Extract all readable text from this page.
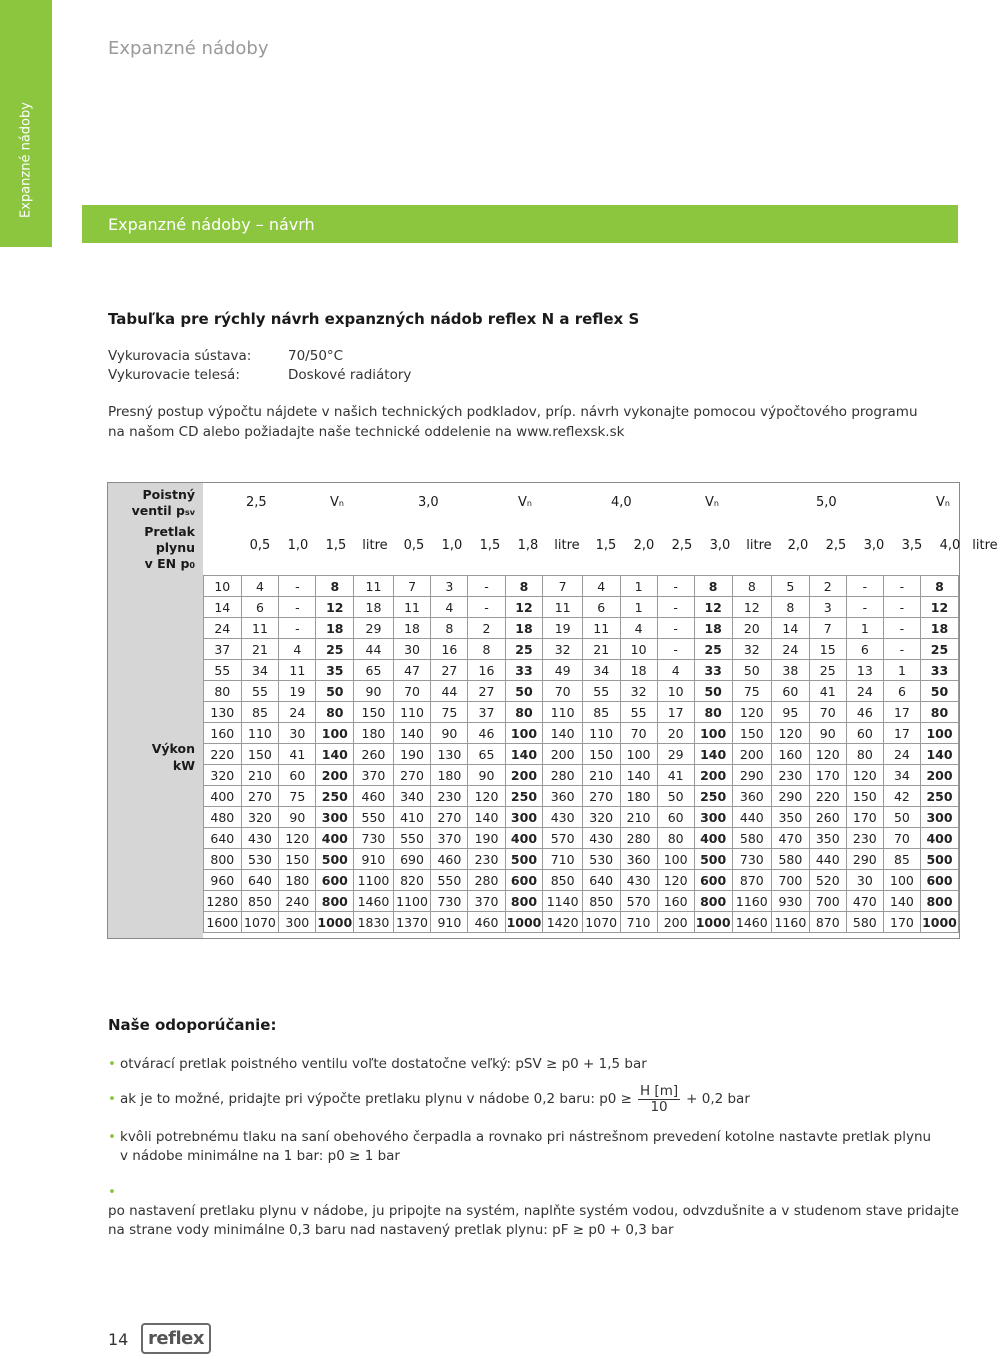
Expanzné nádoby
Expanzné nádoby
Expanzné nádoby – návrh
Tabuľka pre rýchly návrh expanzných nádob reflex N a reflex S
Vykurovacia sústava:	70/50°C
Vykurovacie telesá:	Doskové radiátory
Presný postup výpočtu nájdete v našich technických podkladov, príp. návrh vykonajte pomocou výpočtového programu na našom CD alebo požiadajte naše technické oddelenie na www.reflexsk.sk
Poistný
ventil psv
Pretlak
plynu
v EN p0
Výkon
kW
2,5	Vn	3,0	Vn	4,0	Vn	5,0	Vn
0,5	1,0	1,5	litre	0,5	1,0	1,5	1,8	litre	1,5	2,0	2,5	3,0	litre	2,0	2,5	3,0	3,5	4,0 litre
10	4	-	8	11	7	3	-	8	7	4	1	-	8	8	5	2	-	-	8
14	6	-	12	18	11	4	-	12	11	6	1	-	12	12	8	3	-	-	12
24	11	-	18	29	18	8	2	18	19	11	4	-	18	20	14	7	1	-	18
37	21	4	25	44	30	16	8	25	32	21	10	-	25	32	24	15	6	-	25
55	34	11	35	65	47	27	16	33	49	34	18	4	33	50	38	25	13	1	33
80	55	19	50	90	70	44	27	50	70	55	32	10	50	75	60	41	24	6	50
130	85	24	80	150	110	75	37	80	110	85	55	17	80	120	95	70	46	17	80
160	110	30	100	180	140	90	46	100	140	110	70	20	100	150	120	90	60	17	100
220	150	41	140	260	190	130	65	140	200	150	100	29	140	200	160	120	80	24	140
320	210	60	200	370	270	180	90	200	280	210	140	41	200	290	230	170	120	34	200
400	270	75	250	460	340	230	120	250	360	270	180	50	250	360	290	220	150	42	250
480	320	90	300	550	410	270	140	300	430	320	210	60	300	440	350	260	170	50	300
640	430	120	400	730	550	370	190	400	570	430	280	80	400	580	470	350	230	70	400
800	530	150	500	910	690	460	230	500	710	530	360	100	500	730	580	440	290	85	500
960	640	180	600	1100	820	550	280	600	850	640	430	120	600	870	700	520	30	100	600
1280	850	240	800	1460	1100	730	370	800	1140	850	570	160	800	1160	930	700	470	140	800
1600	1070	300	1000	1830	1370	910	460	1000	1420	1070	710	200	1000	1460	1160	870	580	170	1000
Naše odoporúčanie:
• otvárací pretlak poistného ventilu voľte dostatočne veľký: pSV ≥ p0 + 1,5 bar
• ak je to možné, pridajte pri výpočte pretlaku plynu v nádobe 0,2 baru: $p0 \ge \frac{H [m]}{10} + 0,2$ bar
• kvôli potrebnému tlaku na saní obehového čerpadla a rovnako pri nástrešnom prevedení kotolne nastavte pretlak plynu
v nádobe minimálne na 1 bar: p0 ≥ 1 bar
•po nastavení pretlaku plynu v nádobe, ju pripojte na systém, naplňte systém vodou, odvzdušnite a v studenom stave pridajte
na strane vody minimálne 0,3 baru nad nastavený pretlak plynu: pF ≥ p0 + 0,3 bar
14 reflex
